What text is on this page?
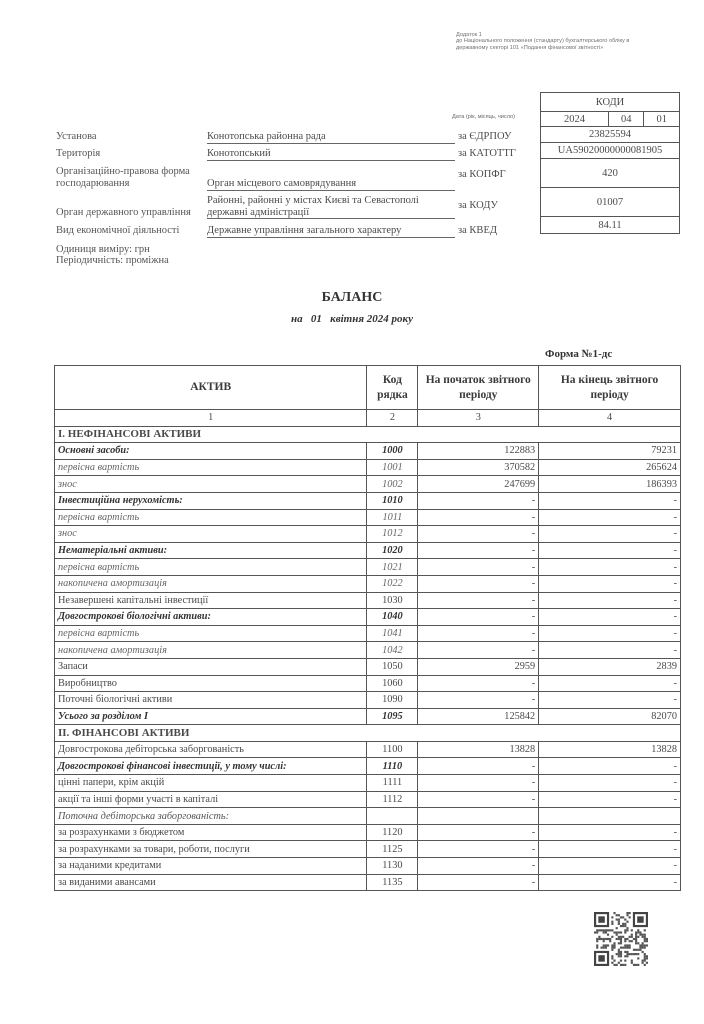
Додаток 1
до Національного положення (стандарту) бухгалтерського обліку в
державному секторі 101 «Подання фінансової звітності»
КОДИ
2024	04	01
23825594
UA59020000000081905
420
01007
84.11
Дата (рік, місяць, число)
Установа	Конотопська районна рада	за ЄДРПОУ
Територія	Конотопський	за КАТОТТГ
Організаційно-правова форма
господарювання	Орган місцевого самоврядування
за КОПФГ
Орган державного управління
Районні, районні у містах Києві та Севастополі
державні адміністрації
за КОДУ
Вид економічної діяльності	Державне управління загального характеру	за КВЕД
Одиниця виміру: грн
Періодичність: проміжна
БАЛАНС
на   01   квітня 2024 року
Форма №1-дс
АКТИВ	Код рядка	На початок звітного періоду	На кінець звітного періоду
1	2	3	4
І. НЕФІНАНСОВІ АКТИВИ			
Основні засоби:	1000	122883	79231
первісна вартість	1001	370582	265624
знос	1002	247699	186393
Інвестиційна нерухомість:	1010	-	-
первісна вартість	1011	-	-
знос	1012	-	-
Нематеріальні активи:	1020	-	-
первісна вартість	1021	-	-
накопичена амортизація	1022	-	-
Незавершені капітальні інвестиції	1030	-	-
Довгострокові біологічні активи:	1040	-	-
первісна вартість	1041	-	-
накопичена амортизація	1042	-	-
Запаси	1050	2959	2839
Виробництво	1060	-	-
Поточні біологічні активи	1090	-	-
Усього за розділом І	1095	125842	82070
ІІ. ФІНАНСОВІ АКТИВИ			
Довгострокова дебіторська заборгованість	1100	13828	13828
Довгострокові фінансові інвестиції, у тому числі:	1110	-	-
цінні папери, крім акцій	1111	-	-
акції та інші форми участі в капіталі	1112	-	-
Поточна дебіторська заборгованість:			
за розрахунками з бюджетом	1120	-	-
за розрахунками за товари, роботи, послуги	1125	-	-
за наданими кредитами	1130	-	-
за виданими авансами	1135	-	-
